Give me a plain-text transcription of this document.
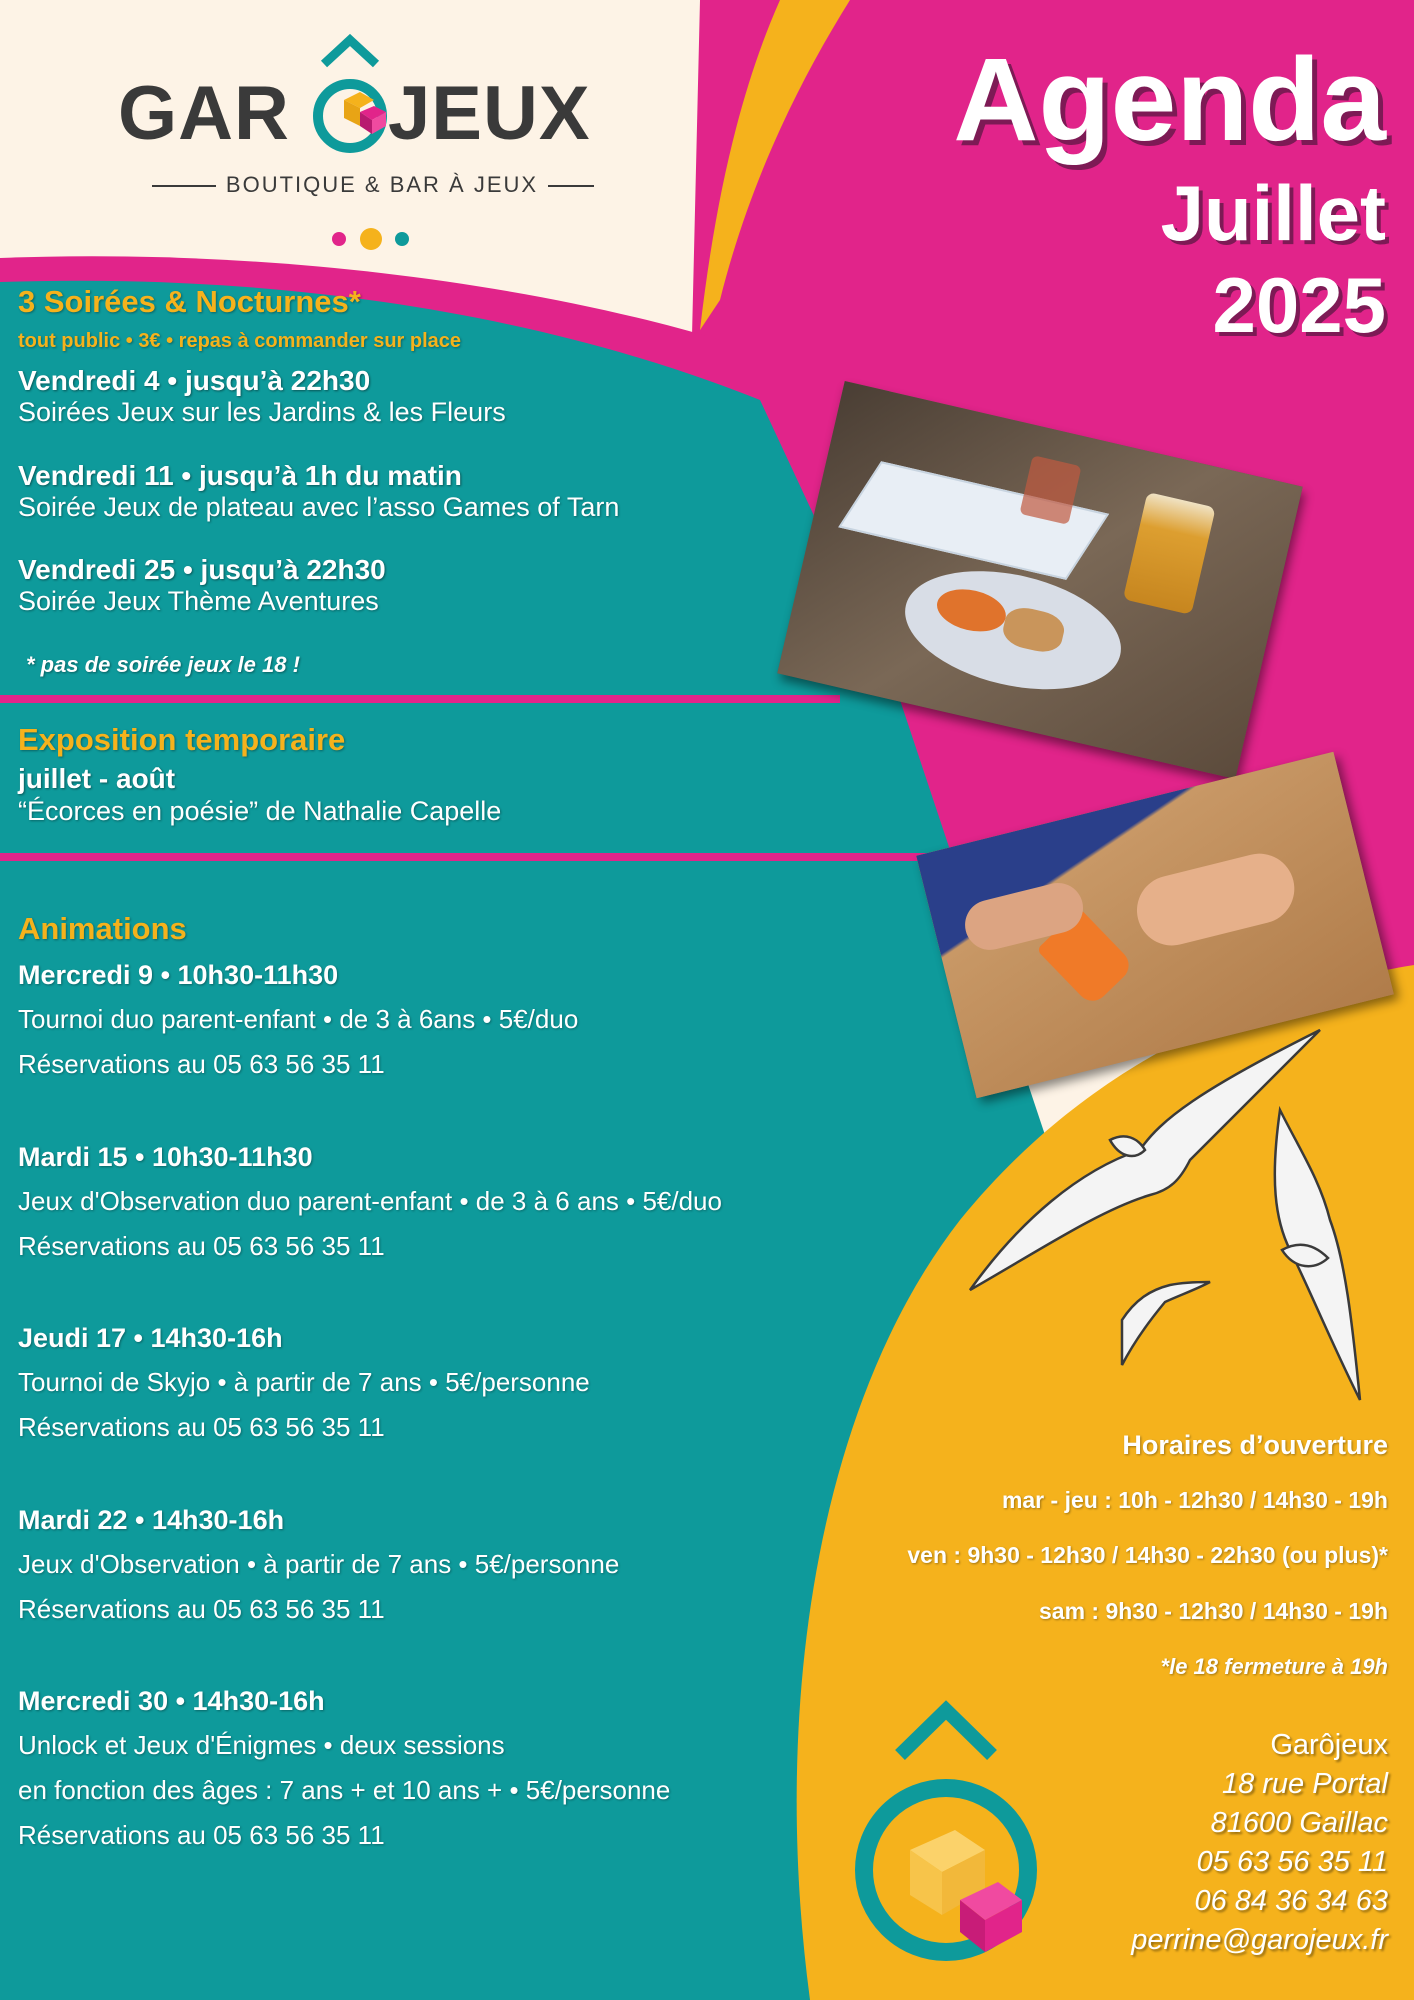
GAR JEUX
BOUTIQUE & BAR À JEUX
Agenda
Juillet
2025
3 Soirées & Nocturnes*
tout public • 3€ • repas à commander sur place
Vendredi 4 • jusqu’à 22h30
Soirées Jeux sur les Jardins & les Fleurs
Vendredi 11 • jusqu’à 1h du matin
Soirée Jeux de plateau avec l’asso Games of Tarn
Vendredi 25 • jusqu’à 22h30
Soirée Jeux Thème Aventures
* pas de soirée jeux le 18 !
Exposition temporaire
juillet - août
“Écorces en poésie” de Nathalie Capelle
Animations
Mercredi 9 • 10h30-11h30
Tournoi duo parent-enfant • de 3 à 6ans • 5€/duo
Réservations au 05 63 56 35 11
Mardi 15 • 10h30-11h30
Jeux d'Observation duo parent-enfant • de 3 à 6 ans • 5€/duo
Réservations au 05 63 56 35 11
Jeudi 17 • 14h30-16h
Tournoi de Skyjo • à partir de 7 ans • 5€/personne
Réservations au 05 63 56 35 11
Mardi 22 • 14h30-16h
Jeux d'Observation • à partir de 7 ans • 5€/personne
Réservations au 05 63 56 35 11
Mercredi 30 • 14h30-16h
Unlock et Jeux d'Énigmes • deux sessions
en fonction des âges : 7 ans + et 10 ans + • 5€/personne
Réservations au 05 63 56 35 11
Horaires d’ouverture
mar - jeu : 10h - 12h30 / 14h30 - 19h
ven : 9h30 - 12h30 / 14h30 - 22h30 (ou plus)*
sam : 9h30 - 12h30 / 14h30 - 19h
*le 18 fermeture à 19h
Garôjeux
18 rue Portal
81600 Gaillac
05 63 56 35 11
06 84 36 34 63
perrine@garojeux.fr
